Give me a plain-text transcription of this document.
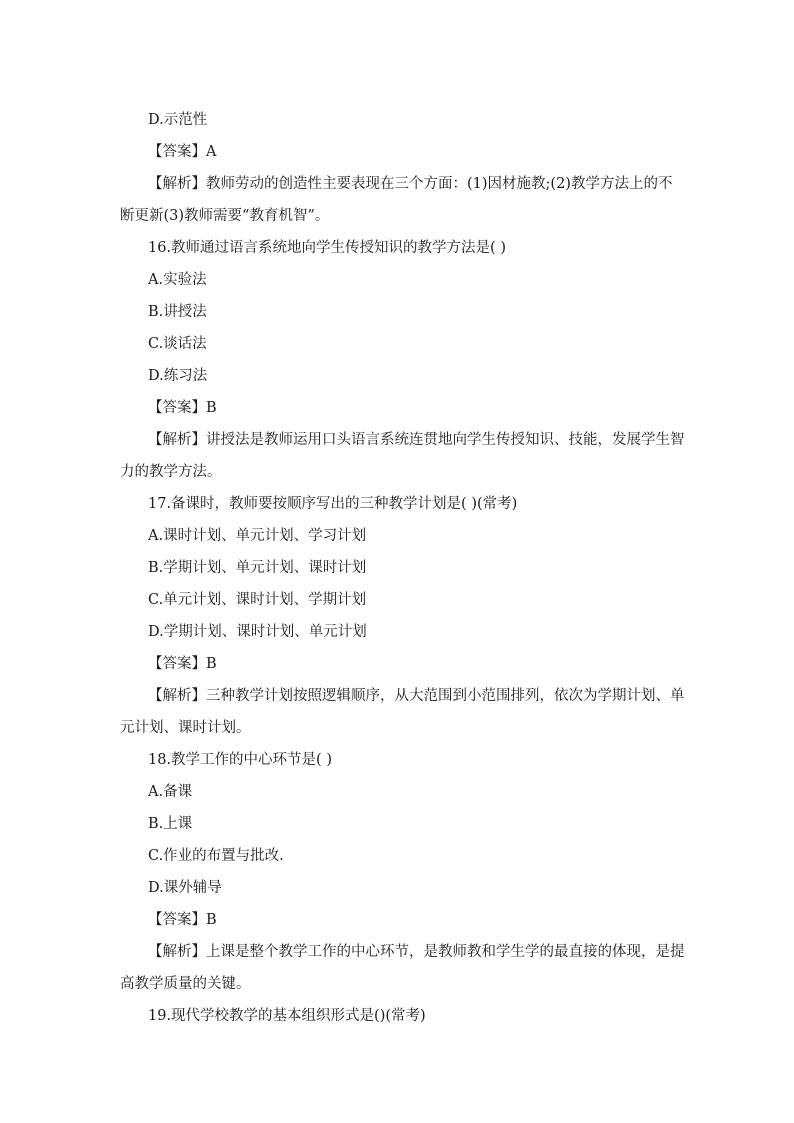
D.示范性
【答案】A
【解析】教师劳动的创造性主要表现在三个方面：(1)因材施教;(2)教学方法上的不
断更新(3)教师需要“教育机智”。
16.教师通过语言系统地向学生传授知识的教学方法是( )
A.实验法
B.讲授法
C.谈话法
D.练习法
【答案】B
【解析】讲授法是教师运用口头语言系统连贯地向学生传授知识、技能，发展学生智
力的教学方法。
17.备课时，教师要按顺序写出的三种教学计划是( )(常考)
A.课时计划、单元计划、学习计划
B.学期计划、单元计划、课时计划
C.单元计划、课时计划、学期计划
D.学期计划、课时计划、单元计划
【答案】B
【解析】三种教学计划按照逻辑顺序，从大范围到小范围排列，依次为学期计划、单
元计划、课时计划。
18.教学工作的中心环节是( )
A.备课
B.上课
C.作业的布置与批改.
D.课外辅导
【答案】B
【解析】上课是整个教学工作的中心环节，是教师教和学生学的最直接的体现，是提
高教学质量的关键。
19.现代学校教学的基本组织形式是()(常考)
